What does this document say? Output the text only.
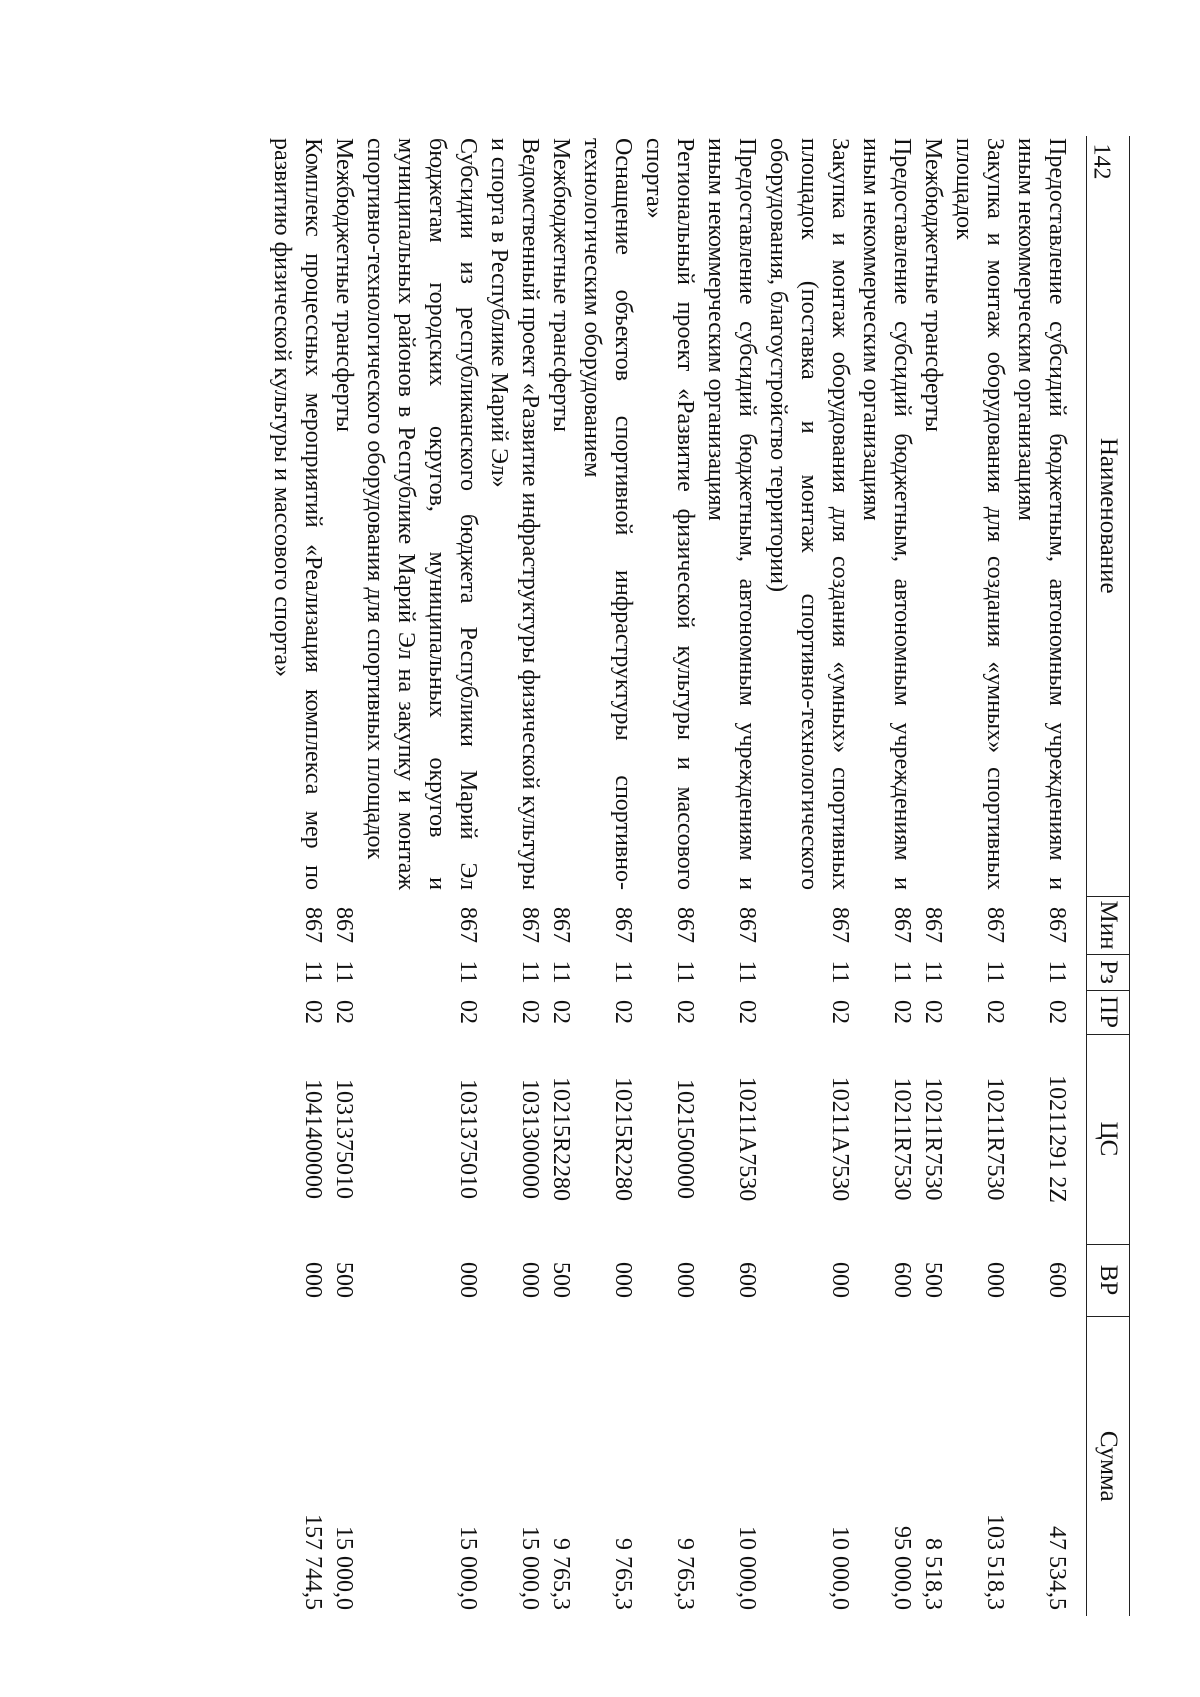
142
Наименование	Мин	Рз	ПР	ЦС	ВР	Сумма
Предоставление субсидий бюджетным, автономным учреждениям и иным некоммерческим организациям	867	11	02	10211291 2Z	600	47 534,5
Закупка и монтаж оборудования для создания «умных» спортивных площадок	867	11	02	10211R7530	000	103 518,3
Межбюджетные трансферты	867	11	02	10211R7530	500	8 518,3
Предоставление субсидий бюджетным, автономным учреждениям и иным некоммерческим организациям	867	11	02	10211R7530	600	95 000,0
Закупка и монтаж оборудования для создания «умных» спортивных площадок (поставка и монтаж спортивно-технологического оборудования, благоустройство территории)	867	11	02	10211A7530	000	10 000,0
Предоставление субсидий бюджетным, автономным учреждениям и иным некоммерческим организациям	867	11	02	10211A7530	600	10 000,0
Региональный проект «Развитие физической культуры и массового спорта»	867	11	02	1021500000	000	9 765,3
Оснащение объектов спортивной инфраструктуры спортивно-технологическим оборудованием	867	11	02	10215R2280	000	9 765,3
Межбюджетные трансферты	867	11	02	10215R2280	500	9 765,3
Ведомственный проект «Развитие инфраструктуры физической культуры и спорта в Республике Марий Эл»	867	11	02	1031300000	000	15 000,0
Субсидии из республиканского бюджета Республики Марий Эл бюджетам городских округов, муниципальных округов и муниципальных районов в Республике Марий Эл на закупку и монтаж спортивно-технологического оборудования для спортивных площадок	867	11	02	1031375010	000	15 000,0
Межбюджетные трансферты	867	11	02	1031375010	500	15 000,0
Комплекс процессных мероприятий «Реализация комплекса мер по развитию физической культуры и массового спорта»	867	11	02	1041400000	000	157 744,5
